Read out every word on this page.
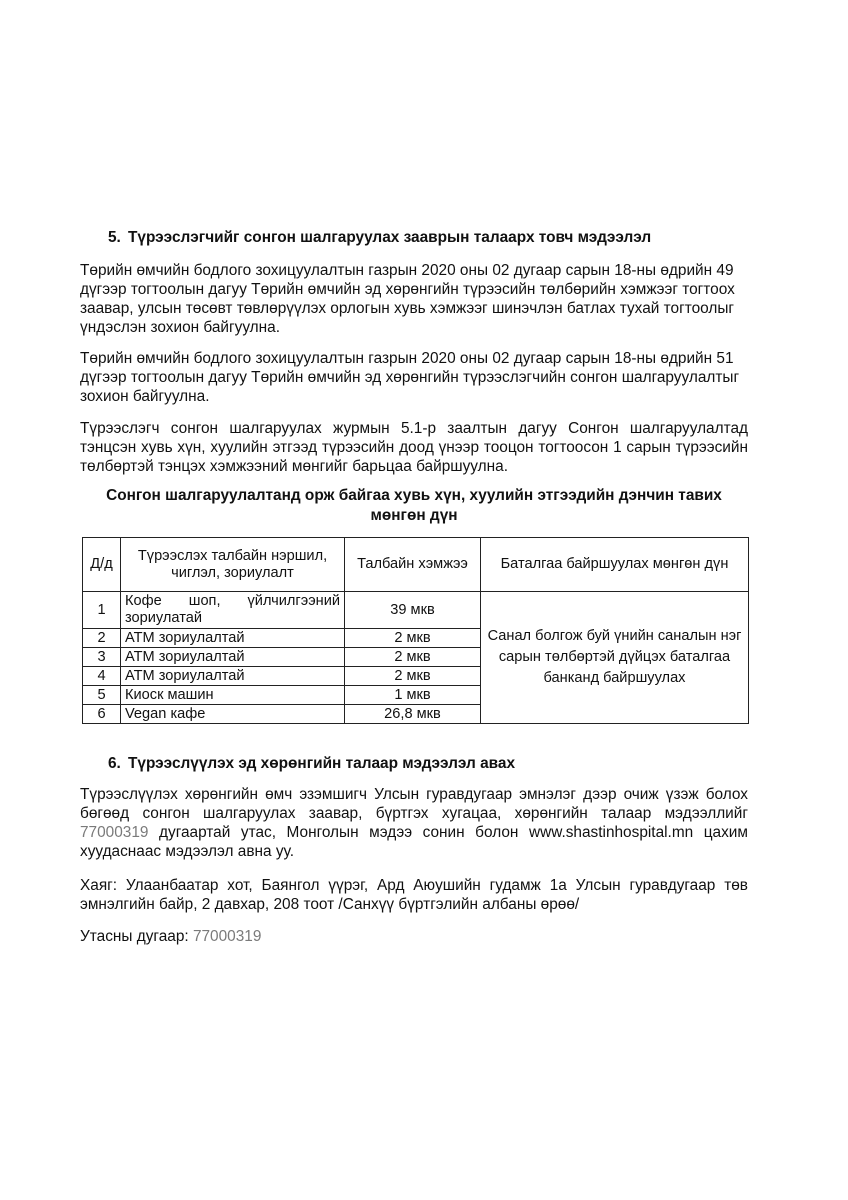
5. Түрээслэгчийг сонгон шалгаруулах зааврын талаарх товч мэдээлэл

Төрийн өмчийн бодлого зохицуулалтын газрын 2020 оны 02 дугаар сарын 18-ны өдрийн 49 дүгээр тогтоолын дагуу Төрийн өмчийн эд хөрөнгийн түрээсийн төлбөрийн хэмжээг тогтоох заавар, улсын төсөвт төвлөрүүлэх орлогын хувь хэмжээг шинэчлэн батлах тухай тогтоолыг үндэслэн зохион байгуулна.

Төрийн өмчийн бодлого зохицуулалтын газрын 2020 оны 02 дугаар сарын 18-ны өдрийн 51 дүгээр тогтоолын дагуу Төрийн өмчийн эд хөрөнгийн түрээслэгчийн сонгон шалгаруулалтыг зохион байгуулна.

Түрээслэгч сонгон шалгаруулах журмын 5.1-р заалтын дагуу Сонгон шалгаруулалтад тэнцсэн хувь хүн, хуулийн этгээд түрээсийн доод үнээр тооцон тогтоосон 1 сарын түрээсийн төлбөртэй тэнцэх хэмжээний мөнгийг барьцаа байршуулна.

Сонгон шалгаруулалтанд орж байгаа хувь хүн, хуулийн этгээдийн дэнчин тавих мөнгөн дүн

Д/д	Түрээслэх талбайн нэршил, чиглэл, зориулалт	Талбайн хэмжээ	Баталгаа байршуулах мөнгөн дүн
1	Кофе шоп, үйлчилгээний зориулатай	39 мкв	Санал болгож буй үнийн саналын нэг сарын төлбөртэй дүйцэх баталгаа банканд байршуулах
2	АТМ зориулалтай	2 мкв	
3	АТМ зориулалтай	2 мкв	
4	АТМ зориулалтай	2 мкв	
5	Киоск машин	1 мкв	
6	Vegan кафе	26,8 мкв	
6. Түрээслүүлэх эд хөрөнгийн талаар мэдээлэл авах

Түрээслүүлэх хөрөнгийн өмч эзэмшигч Улсын гуравдугаар эмнэлэг дээр очиж үзэж болох бөгөөд сонгон шалгаруулах заавар, бүртгэх хугацаа, хөрөнгийн талаар мэдээллийг 77000319 дугаартай утас, Монголын мэдээ сонин болон www.shastinhospital.mn цахим хуудаснаас мэдээлэл авна уу.

Хаяг: Улаанбаатар хот, Баянгол үүрэг, Ард Аюушийн гудамж 1а Улсын гуравдугаар төв эмнэлгийн байр, 2 давхар, 208 тоот /Санхүү бүртгэлийн албаны өрөө/

Утасны дугаар: 77000319
